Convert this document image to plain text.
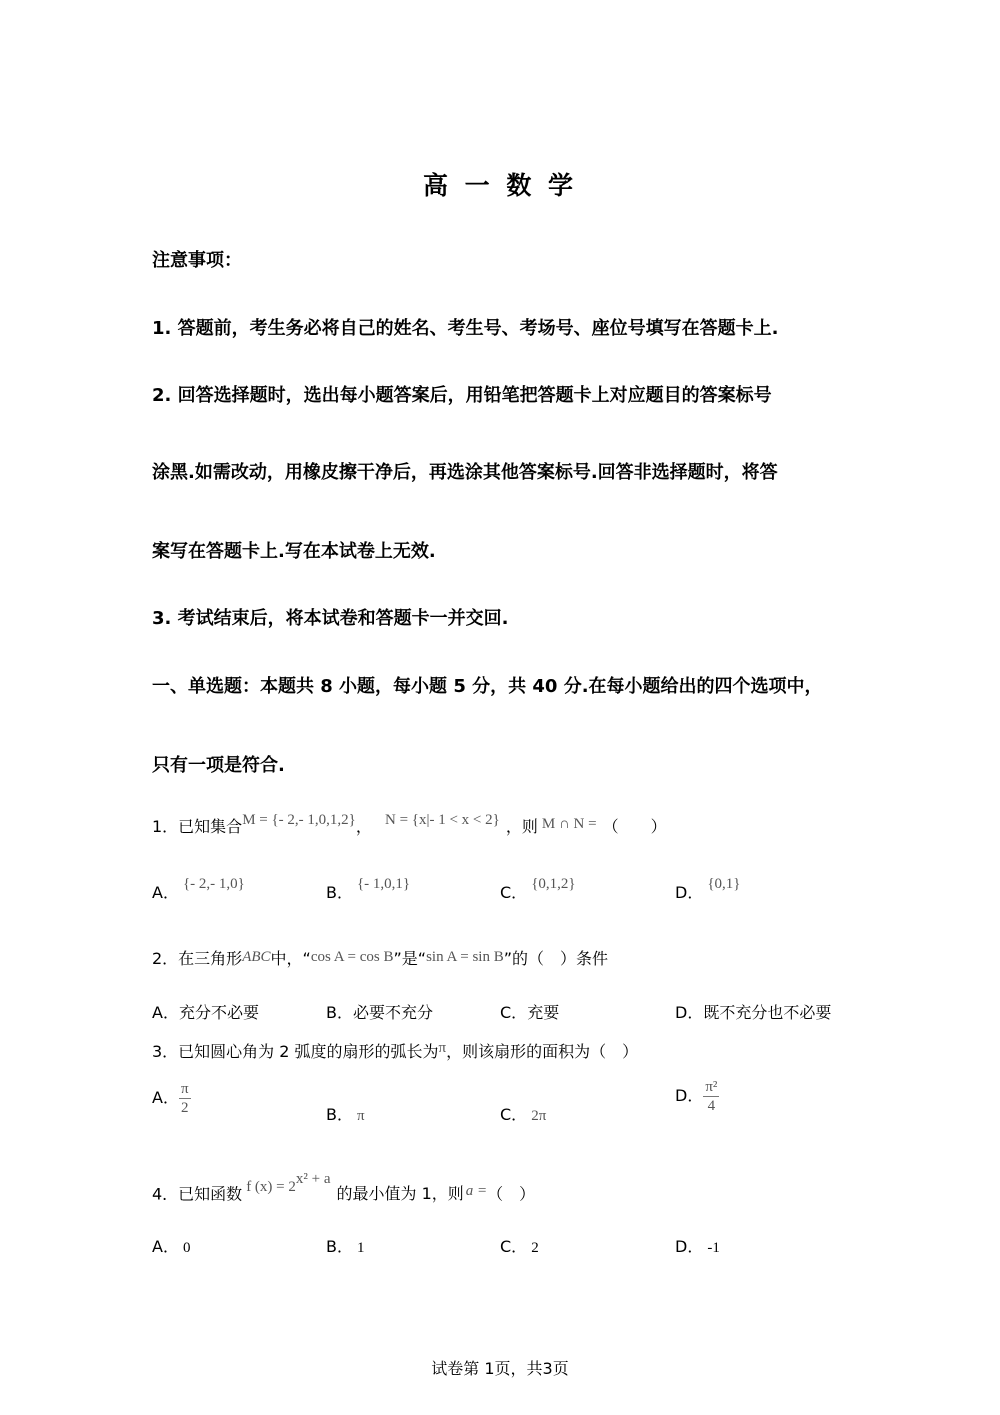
高 一 数 学
注意事项：
1. 答题前，考生务必将自己的姓名、考生号、考场号、座位号填写在答题卡上.
2. 回答选择题时，选出每小题答案后，用铅笔把答题卡上对应题目的答案标号
涂黑.如需改动，用橡皮擦干净后，再选涂其他答案标号.回答非选择题时，将答
案写在答题卡上.写在本试卷上无效.
3. 考试结束后，将本试卷和答题卡一并交回.
一、单选题：本题共 8 小题，每小题 5 分，共 40 分.在每小题给出的四个选项中，
只有一项是符合.
1．已知集合M = {- 2,- 1,0,1,2}， N = {x|- 1 < x < 2} ，则 M ∩ N = （　　）
A． {- 2,- 1,0}	B． {- 1,0,1}	C． {0,1,2}	D． {0,1}
2．在三角形ABC中，“cos A = cos B”是“sin A = sin B”的（　）条件
A．充分不必要	B．必要不充分	C．充要	D．既不充分也不必要
3．已知圆心角为 2 弧度的扇形的弧长为π，则该扇形的面积为（　）
A． $\frac{\pi}{2}$	B． π	C． 2π
D． $\frac{\text{π²}}{4}$
4．已知函数 f $(x) = 2^{x^2 + a}$的最小值为 1，则 a =（　）
A． 0	B． 1	C． 2	D． -1
试卷第 1页，共3页
